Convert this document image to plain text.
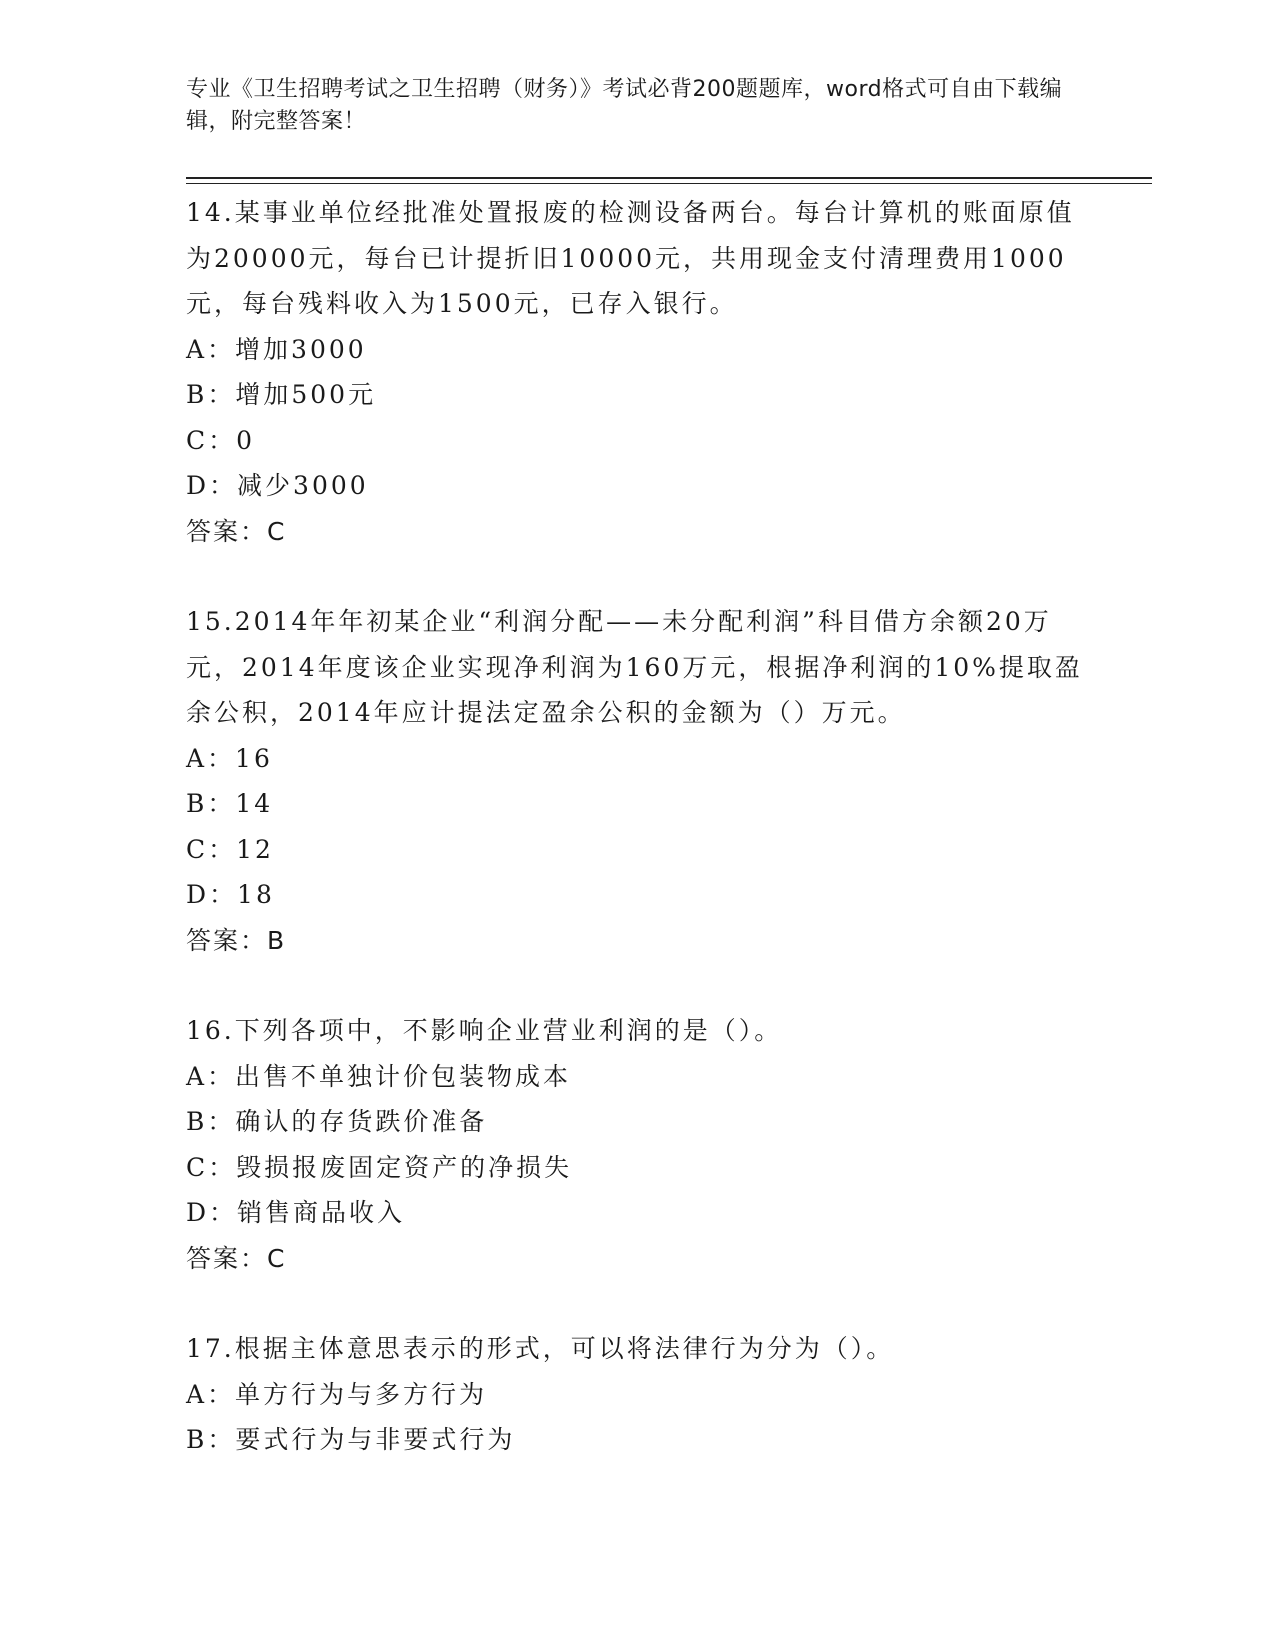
专业《卫生招聘考试之卫生招聘（财务）》考试必背200题题库，word格式可自由下载编辑，附完整答案！
14.某事业单位经批准处置报废的检测设备两台。每台计算机的账面原值为20000元，每台已计提折旧10000元，共用现金支付清理费用1000元，每台残料收入为1500元，已存入银行。
A：增加3000
B：增加500元
C：0
D：减少3000
答案：C
15.2014年年初某企业“利润分配——未分配利润”科目借方余额20万元，2014年度该企业实现净利润为160万元，根据净利润的10%提取盈余公积，2014年应计提法定盈余公积的金额为（）万元。
A：16
B：14
C：12
D：18
答案：B
16.下列各项中，不影响企业营业利润的是（）。
A：出售不单独计价包装物成本
B：确认的存货跌价准备
C：毁损报废固定资产的净损失
D：销售商品收入
答案：C
17.根据主体意思表示的形式，可以将法律行为分为（）。
A：单方行为与多方行为
B：要式行为与非要式行为
